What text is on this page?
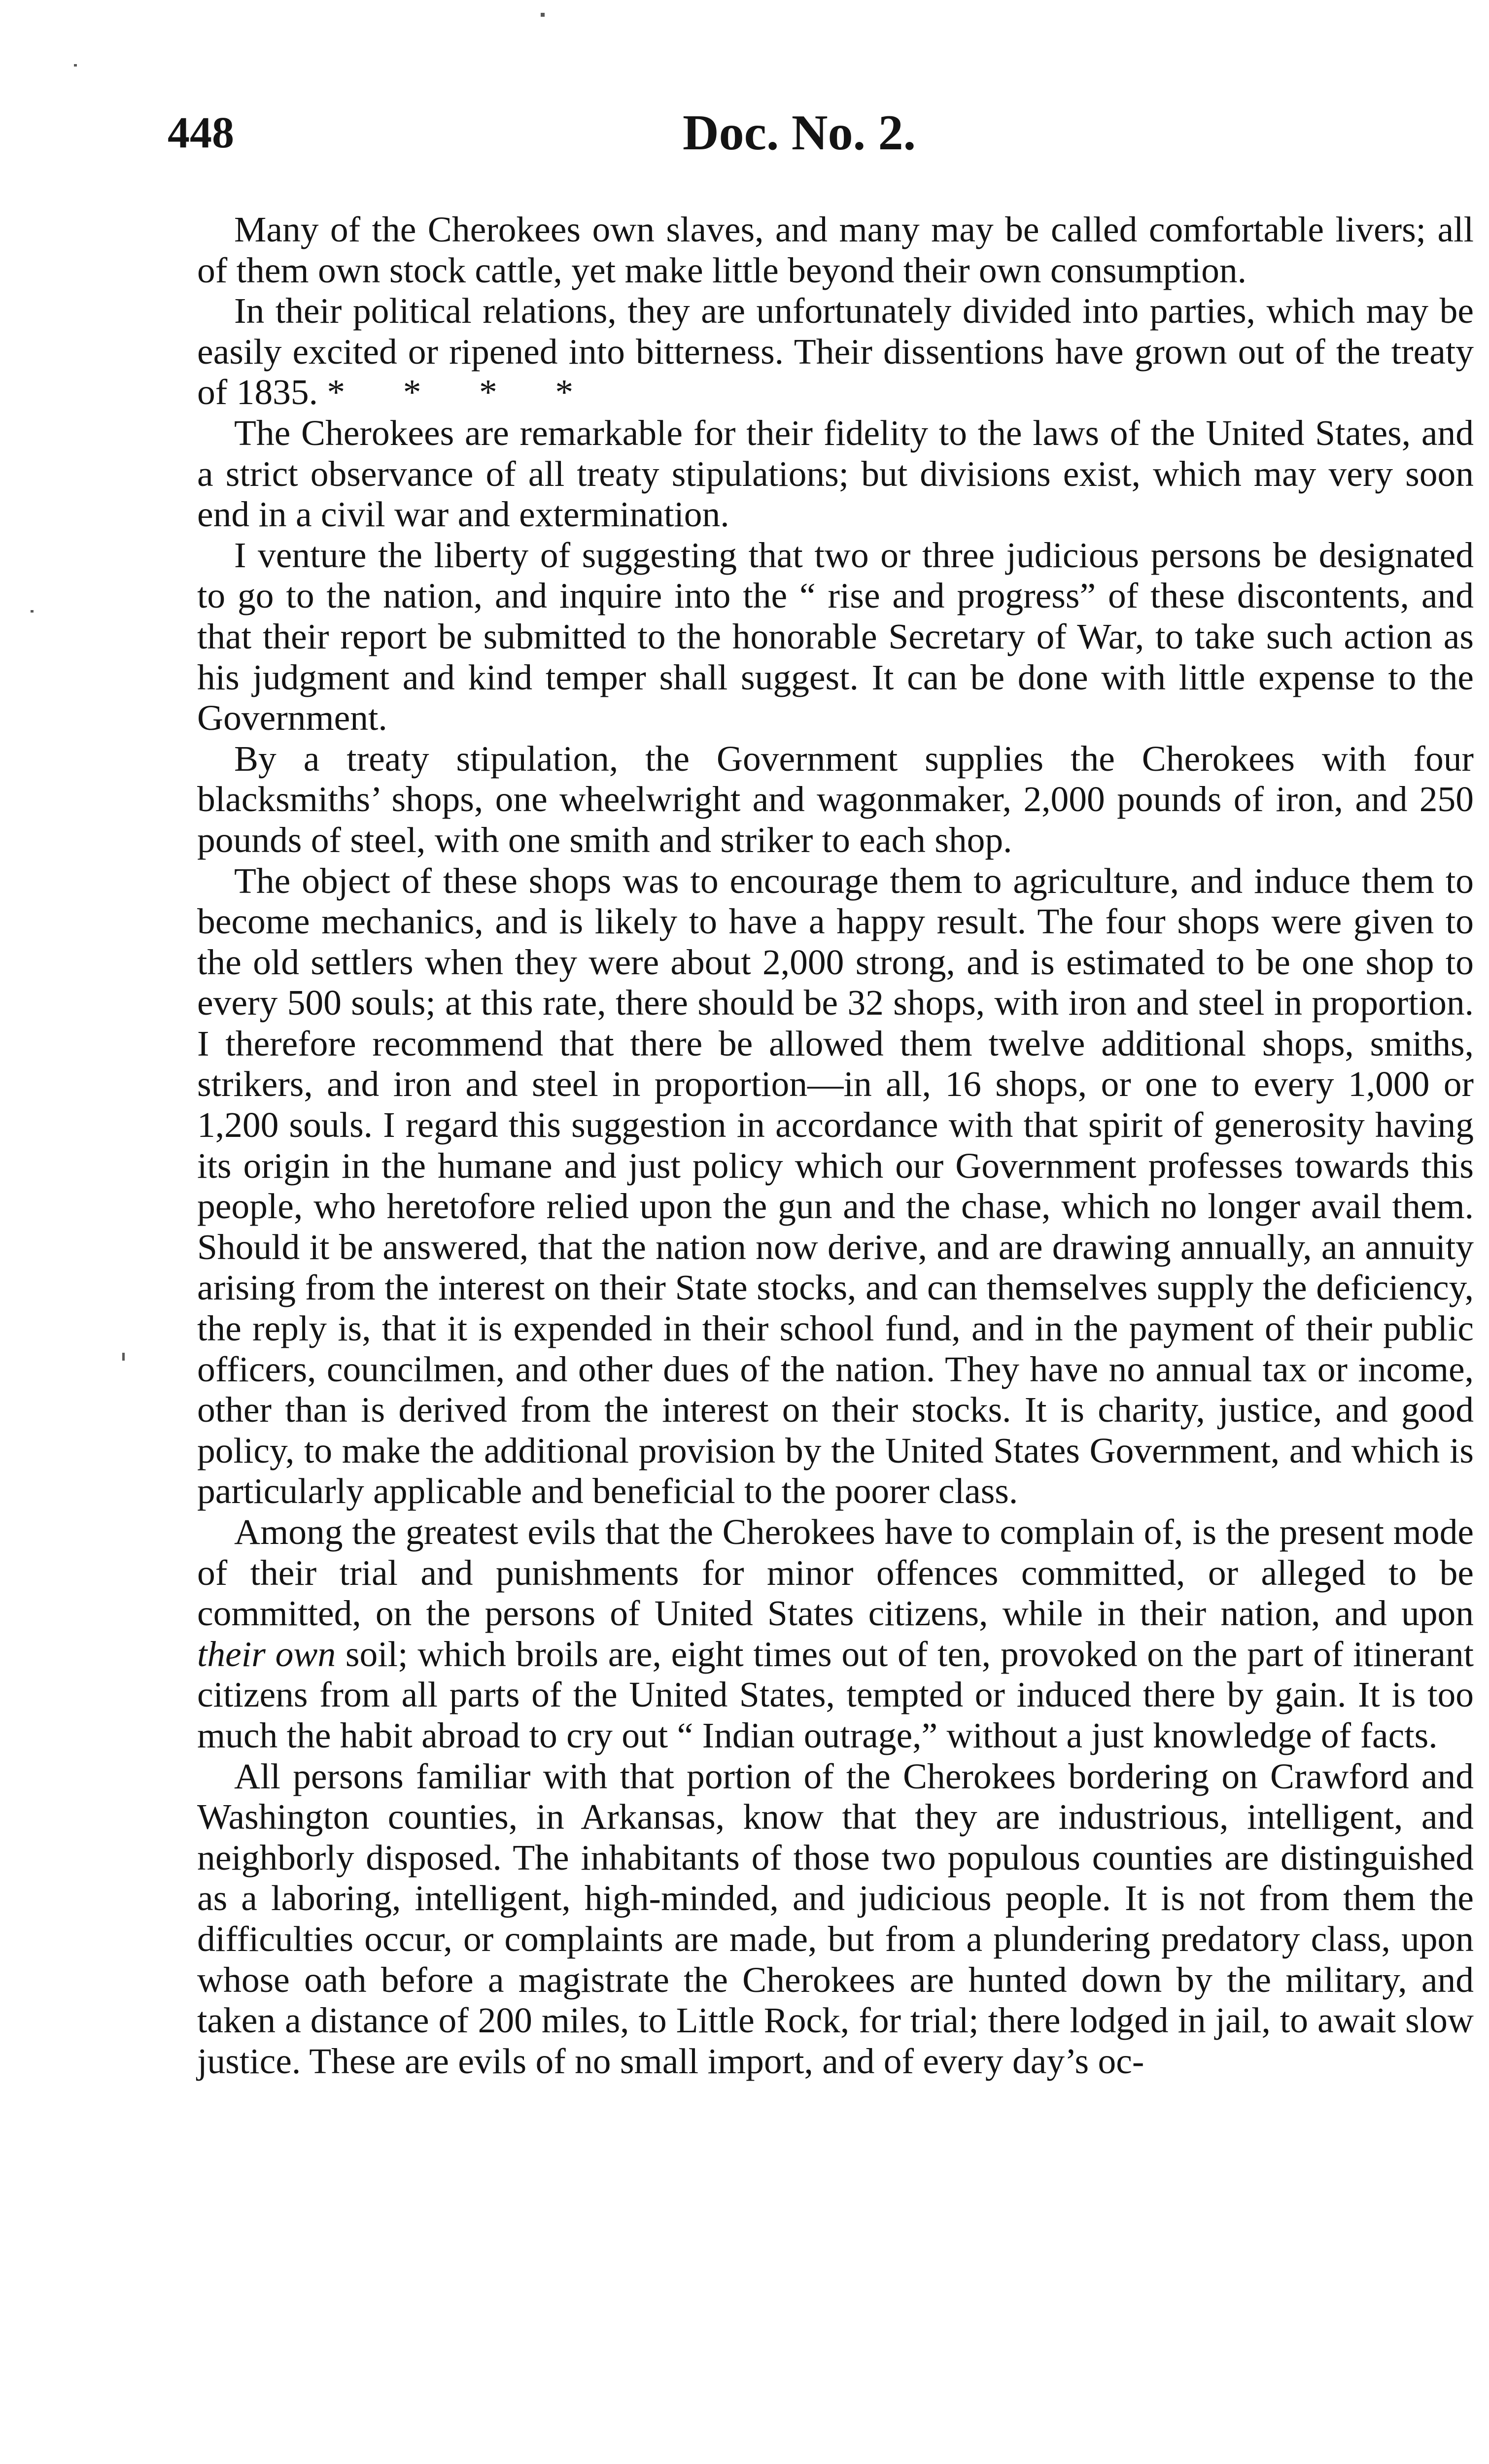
448	Doc. No. 2.

Many of the Cherokees own slaves, and many may be called comfortable livers; all of them own stock cattle, yet make little beyond their own consumption.

In their political relations, they are unfortunately divided into parties, which may be easily excited or ripened into bitterness. Their dissentions have grown out of the treaty of 1835. * * * *

The Cherokees are remarkable for their fidelity to the laws of the United States, and a strict observance of all treaty stipulations; but divisions exist, which may very soon end in a civil war and extermination.

I venture the liberty of suggesting that two or three judicious persons be designated to go to the nation, and inquire into the “ rise and progress” of these discontents, and that their report be submitted to the honorable Secretary of War, to take such action as his judgment and kind temper shall suggest. It can be done with little expense to the Government.

By a treaty stipulation, the Government supplies the Cherokees with four blacksmiths’ shops, one wheelwright and wagonmaker, 2,000 pounds of iron, and 250 pounds of steel, with one smith and striker to each shop.

The object of these shops was to encourage them to agriculture, and induce them to become mechanics, and is likely to have a happy result. The four shops were given to the old settlers when they were about 2,000 strong, and is estimated to be one shop to every 500 souls; at this rate, there should be 32 shops, with iron and steel in proportion. I therefore recommend that there be allowed them twelve additional shops, smiths, strikers, and iron and steel in proportion—in all, 16 shops, or one to every 1,000 or 1,200 souls. I regard this suggestion in accordance with that spirit of generosity having its origin in the humane and just policy which our Government professes towards this people, who heretofore relied upon the gun and the chase, which no longer avail them. Should it be answered, that the nation now derive, and are drawing annually, an annuity arising from the interest on their State stocks, and can themselves supply the deficiency, the reply is, that it is expended in their school fund, and in the payment of their public officers, councilmen, and other dues of the nation. They have no annual tax or income, other than is derived from the interest on their stocks. It is charity, justice, and good policy, to make the additional provision by the United States Government, and which is particularly applicable and beneficial to the poorer class.

Among the greatest evils that the Cherokees have to complain of, is the present mode of their trial and punishments for minor offences committed, or alleged to be committed, on the persons of United States citizens, while in their nation, and upon their own soil; which broils are, eight times out of ten, provoked on the part of itinerant citizens from all parts of the United States, tempted or induced there by gain. It is too much the habit abroad to cry out “ Indian outrage,” without a just knowledge of facts.

All persons familiar with that portion of the Cherokees bordering on Crawford and Washington counties, in Arkansas, know that they are industrious, intelligent, and neighborly disposed. The inhabitants of those two populous counties are distinguished as a laboring, intelligent, high-minded, and judicious people. It is not from them the difficulties occur, or complaints are made, but from a plundering predatory class, upon whose oath before a magistrate the Cherokees are hunted down by the military, and taken a distance of 200 miles, to Little Rock, for trial; there lodged in jail, to await slow justice. These are evils of no small import, and of every day’s oc-
